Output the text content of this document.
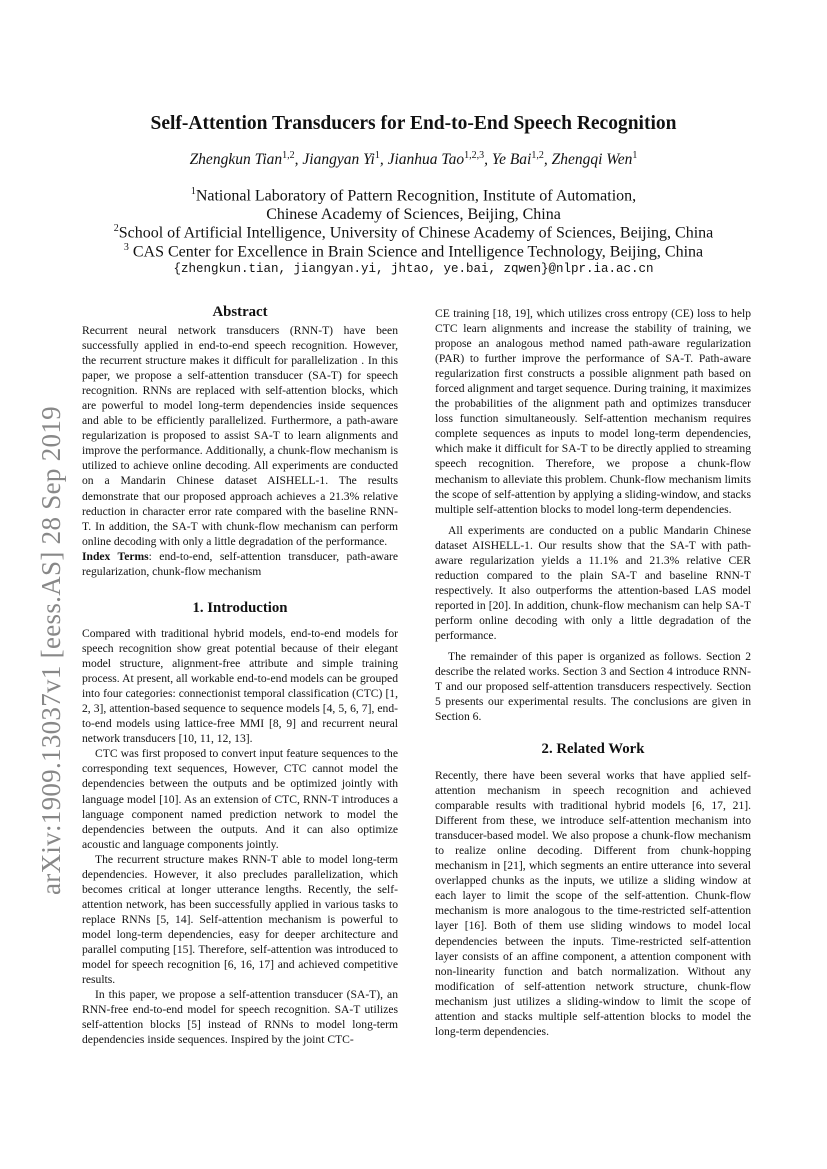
arXiv:1909.13037v1 [eess.AS] 28 Sep 2019
Self-Attention Transducers for End-to-End Speech Recognition
Zhengkun Tian$^{1,2}$, Jiangyan Yi$^1$, Jianhua Tao$^{1,2,3}$, Ye Bai$^{1,2}$, Zhengqi Wen$^1$
$^1$National Laboratory of Pattern Recognition, Institute of Automation,
Chinese Academy of Sciences, Beijing, China
$^2$School of Artificial Intelligence, University of Chinese Academy of Sciences, Beijing, China
$^3$ CAS Center for Excellence in Brain Science and Intelligence Technology, Beijing, China
{zhengkun.tian, jiangyan.yi, jhtao, ye.bai, zqwen}@nlpr.ia.ac.cn
Abstract

Recurrent neural network transducers (RNN-T) have been successfully applied in end-to-end speech recognition. However, the recurrent structure makes it difficult for parallelization . In this paper, we propose a self-attention transducer (SA-T) for speech recognition. RNNs are replaced with self-attention blocks, which are powerful to model long-term dependencies inside sequences and able to be efficiently parallelized. Furthermore, a path-aware regularization is proposed to assist SA-T to learn alignments and improve the performance. Additionally, a chunk-flow mechanism is utilized to achieve online decoding. All experiments are conducted on a Mandarin Chinese dataset AISHELL-1. The results demonstrate that our proposed approach achieves a 21.3% relative reduction in character error rate compared with the baseline RNN-T. In addition, the SA-T with chunk-flow mechanism can perform online decoding with only a little degradation of the performance.

Index Terms: end-to-end, self-attention transducer, path-aware regularization, chunk-flow mechanism

1. Introduction

Compared with traditional hybrid models, end-to-end models for speech recognition show great potential because of their elegant model structure, alignment-free attribute and simple training process. At present, all workable end-to-end models can be grouped into four categories: connectionist temporal classification (CTC) [1, 2, 3], attention-based sequence to sequence models [4, 5, 6, 7], end-to-end models using lattice-free MMI [8, 9] and recurrent neural network transducers [10, 11, 12, 13].

CTC was first proposed to convert input feature sequences to the corresponding text sequences, However, CTC cannot model the dependencies between the outputs and be optimized jointly with language model [10]. As an extension of CTC, RNN-T introduces a language component named prediction network to model the dependencies between the outputs. And it can also optimize acoustic and language components jointly.

The recurrent structure makes RNN-T able to model long-term dependencies. However, it also precludes parallelization, which becomes critical at longer utterance lengths. Recently, the self-attention network, has been successfully applied in various tasks to replace RNNs [5, 14]. Self-attention mechanism is powerful to model long-term dependencies, easy for deeper architecture and parallel computing [15]. Therefore, self-attention was introduced to model for speech recognition [6, 16, 17] and achieved competitive results.

In this paper, we propose a self-attention transducer (SA-T), an RNN-free end-to-end model for speech recognition. SA-T utilizes self-attention blocks [5] instead of RNNs to model long-term dependencies inside sequences. Inspired by the joint CTC-

CE training [18, 19], which utilizes cross entropy (CE) loss to help CTC learn alignments and increase the stability of training, we propose an analogous method named path-aware regularization (PAR) to further improve the performance of SA-T. Path-aware regularization first constructs a possible alignment path based on forced alignment and target sequence. During training, it maximizes the probabilities of the alignment path and optimizes transducer loss function simultaneously. Self-attention mechanism requires complete sequences as inputs to model long-term dependencies, which make it difficult for SA-T to be directly applied to streaming speech recognition. Therefore, we propose a chunk-flow mechanism to alleviate this problem. Chunk-flow mechanism limits the scope of self-attention by applying a sliding-window, and stacks multiple self-attention blocks to model long-term dependencies.

All experiments are conducted on a public Mandarin Chinese dataset AISHELL-1. Our results show that the SA-T with path-aware regularization yields a 11.1% and 21.3% relative CER reduction compared to the plain SA-T and baseline RNN-T respectively. It also outperforms the attention-based LAS model reported in [20]. In addition, chunk-flow mechanism can help SA-T perform online decoding with only a little degradation of the performance.

The remainder of this paper is organized as follows. Section 2 describe the related works. Section 3 and Section 4 introduce RNN-T and our proposed self-attention transducers respectively. Section 5 presents our experimental results. The conclusions are given in Section 6.

2. Related Work

Recently, there have been several works that have applied self-attention mechanism in speech recognition and achieved comparable results with traditional hybrid models [6, 17, 21]. Different from these, we introduce self-attention mechanism into transducer-based model. We also propose a chunk-flow mechanism to realize online decoding. Different from chunk-hopping mechanism in [21], which segments an entire utterance into several overlapped chunks as the inputs, we utilize a sliding window at each layer to limit the scope of the self-attention. Chunk-flow mechanism is more analogous to the time-restricted self-attention layer [16]. Both of them use sliding windows to model local dependencies between the inputs. Time-restricted self-attention layer consists of an affine component, a attention component with non-linearity function and batch normalization. Without any modification of self-attention network structure, chunk-flow mechanism just utilizes a sliding-window to limit the scope of attention and stacks multiple self-attention blocks to model the long-term dependencies.
